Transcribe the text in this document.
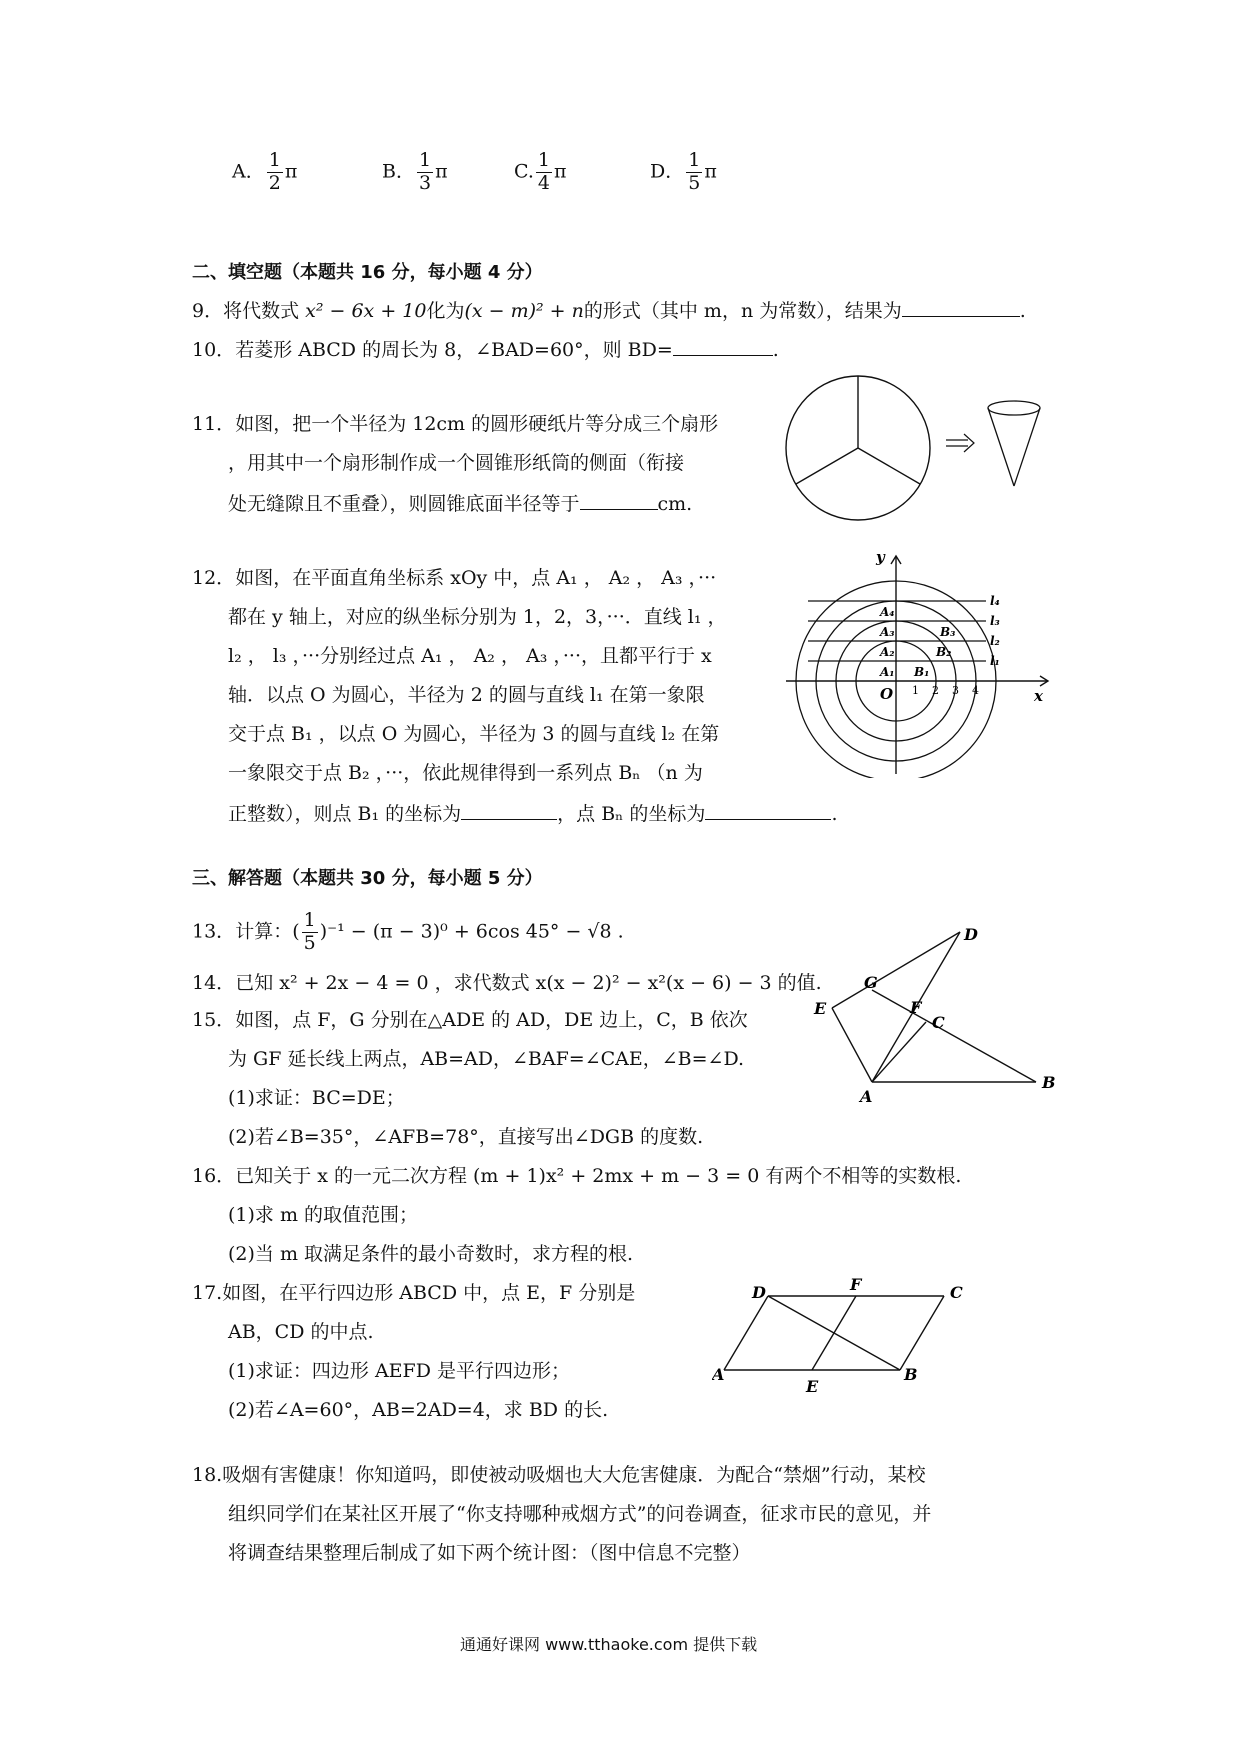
A． $\frac{1}{2}$ π	B． $\frac{1}{3}$ π	C. $\frac{1}{4}$ π	D． $\frac{1}{5}$ π
二、填空题（本题共 16 分，每小题 4 分）
9．将代数式 x² − 6x + 10化为(x − m)² + n的形式（其中 m，n 为常数），结果为	.
10．若菱形 ABCD 的周长为 8，∠BAD=60°，则 BD=	.
11．如图，把一个半径为 12cm 的圆形硬纸片等分成三个扇形
，用其中一个扇形制作成一个圆锥形纸筒的侧面（衔接
处无缝隙且不重叠），则圆锥底面半径等于	cm.
12．如图，在平面直角坐标系 xOy 中，点 A₁ ， A₂ ， A₃ ，···
都在 y 轴上，对应的纵坐标分别为 1，2，3，···．直线 l₁ ，
l₂ ， l₃ ，···分别经过点 A₁ ， A₂ ， A₃ ，···，且都平行于 x
轴．以点 O 为圆心，半径为 2 的圆与直线 l₁ 在第一象限
交于点 B₁ ，以点 O 为圆心，半径为 3 的圆与直线 l₂ 在第
一象限交于点 B₂ ，···，依此规律得到一系列点 Bₙ （n 为
正整数），则点 B₁ 的坐标为	，点 Bₙ 的坐标为	.
y
x
O
l₁
l₂
l₃
l₄
A₁
A₂
A₃
A₄
B₁
B₂
B₃
1 2 3 4
三、解答题（本题共 30 分，每小题 5 分）
13．计算：( $\frac{1}{5} )^{-1} - (\pi - 3)^0 + 6\cos$ 45° − √8 .
14．已知 x² + 2x − 4 = 0 ，求代数式 x(x − 2)² − x²(x − 6) − 3 的值.
15．如图，点 F，G 分别在△ADE 的 AD，DE 边上，C，B 依次
为 GF 延长线上两点，AB=AD，∠BAF=∠CAE，∠B=∠D.
(1)求证：BC=DE；
(2)若∠B=35°，∠AFB=78°，直接写出∠DGB 的度数.
D
G
F
C
E
A
B
16．已知关于 x 的一元二次方程 (m + 1)x² + 2mx + m − 3 = 0 有两个不相等的实数根.
(1)求 m 的取值范围；
(2)当 m 取满足条件的最小奇数时，求方程的根.
17.如图，在平行四边形 ABCD 中，点 E，F 分别是
AB，CD 的中点.
(1)求证：四边形 AEFD 是平行四边形；
(2)若∠A=60°，AB=2AD=4，求 BD 的长.
D	F	C
A
E
B
18.吸烟有害健康！你知道吗，即使被动吸烟也大大危害健康．为配合“禁烟”行动，某校
组织同学们在某社区开展了“你支持哪种戒烟方式”的问卷调查，征求市民的意见，并
将调查结果整理后制成了如下两个统计图：（图中信息不完整）
通通好课网 www.tthaoke.com 提供下载
